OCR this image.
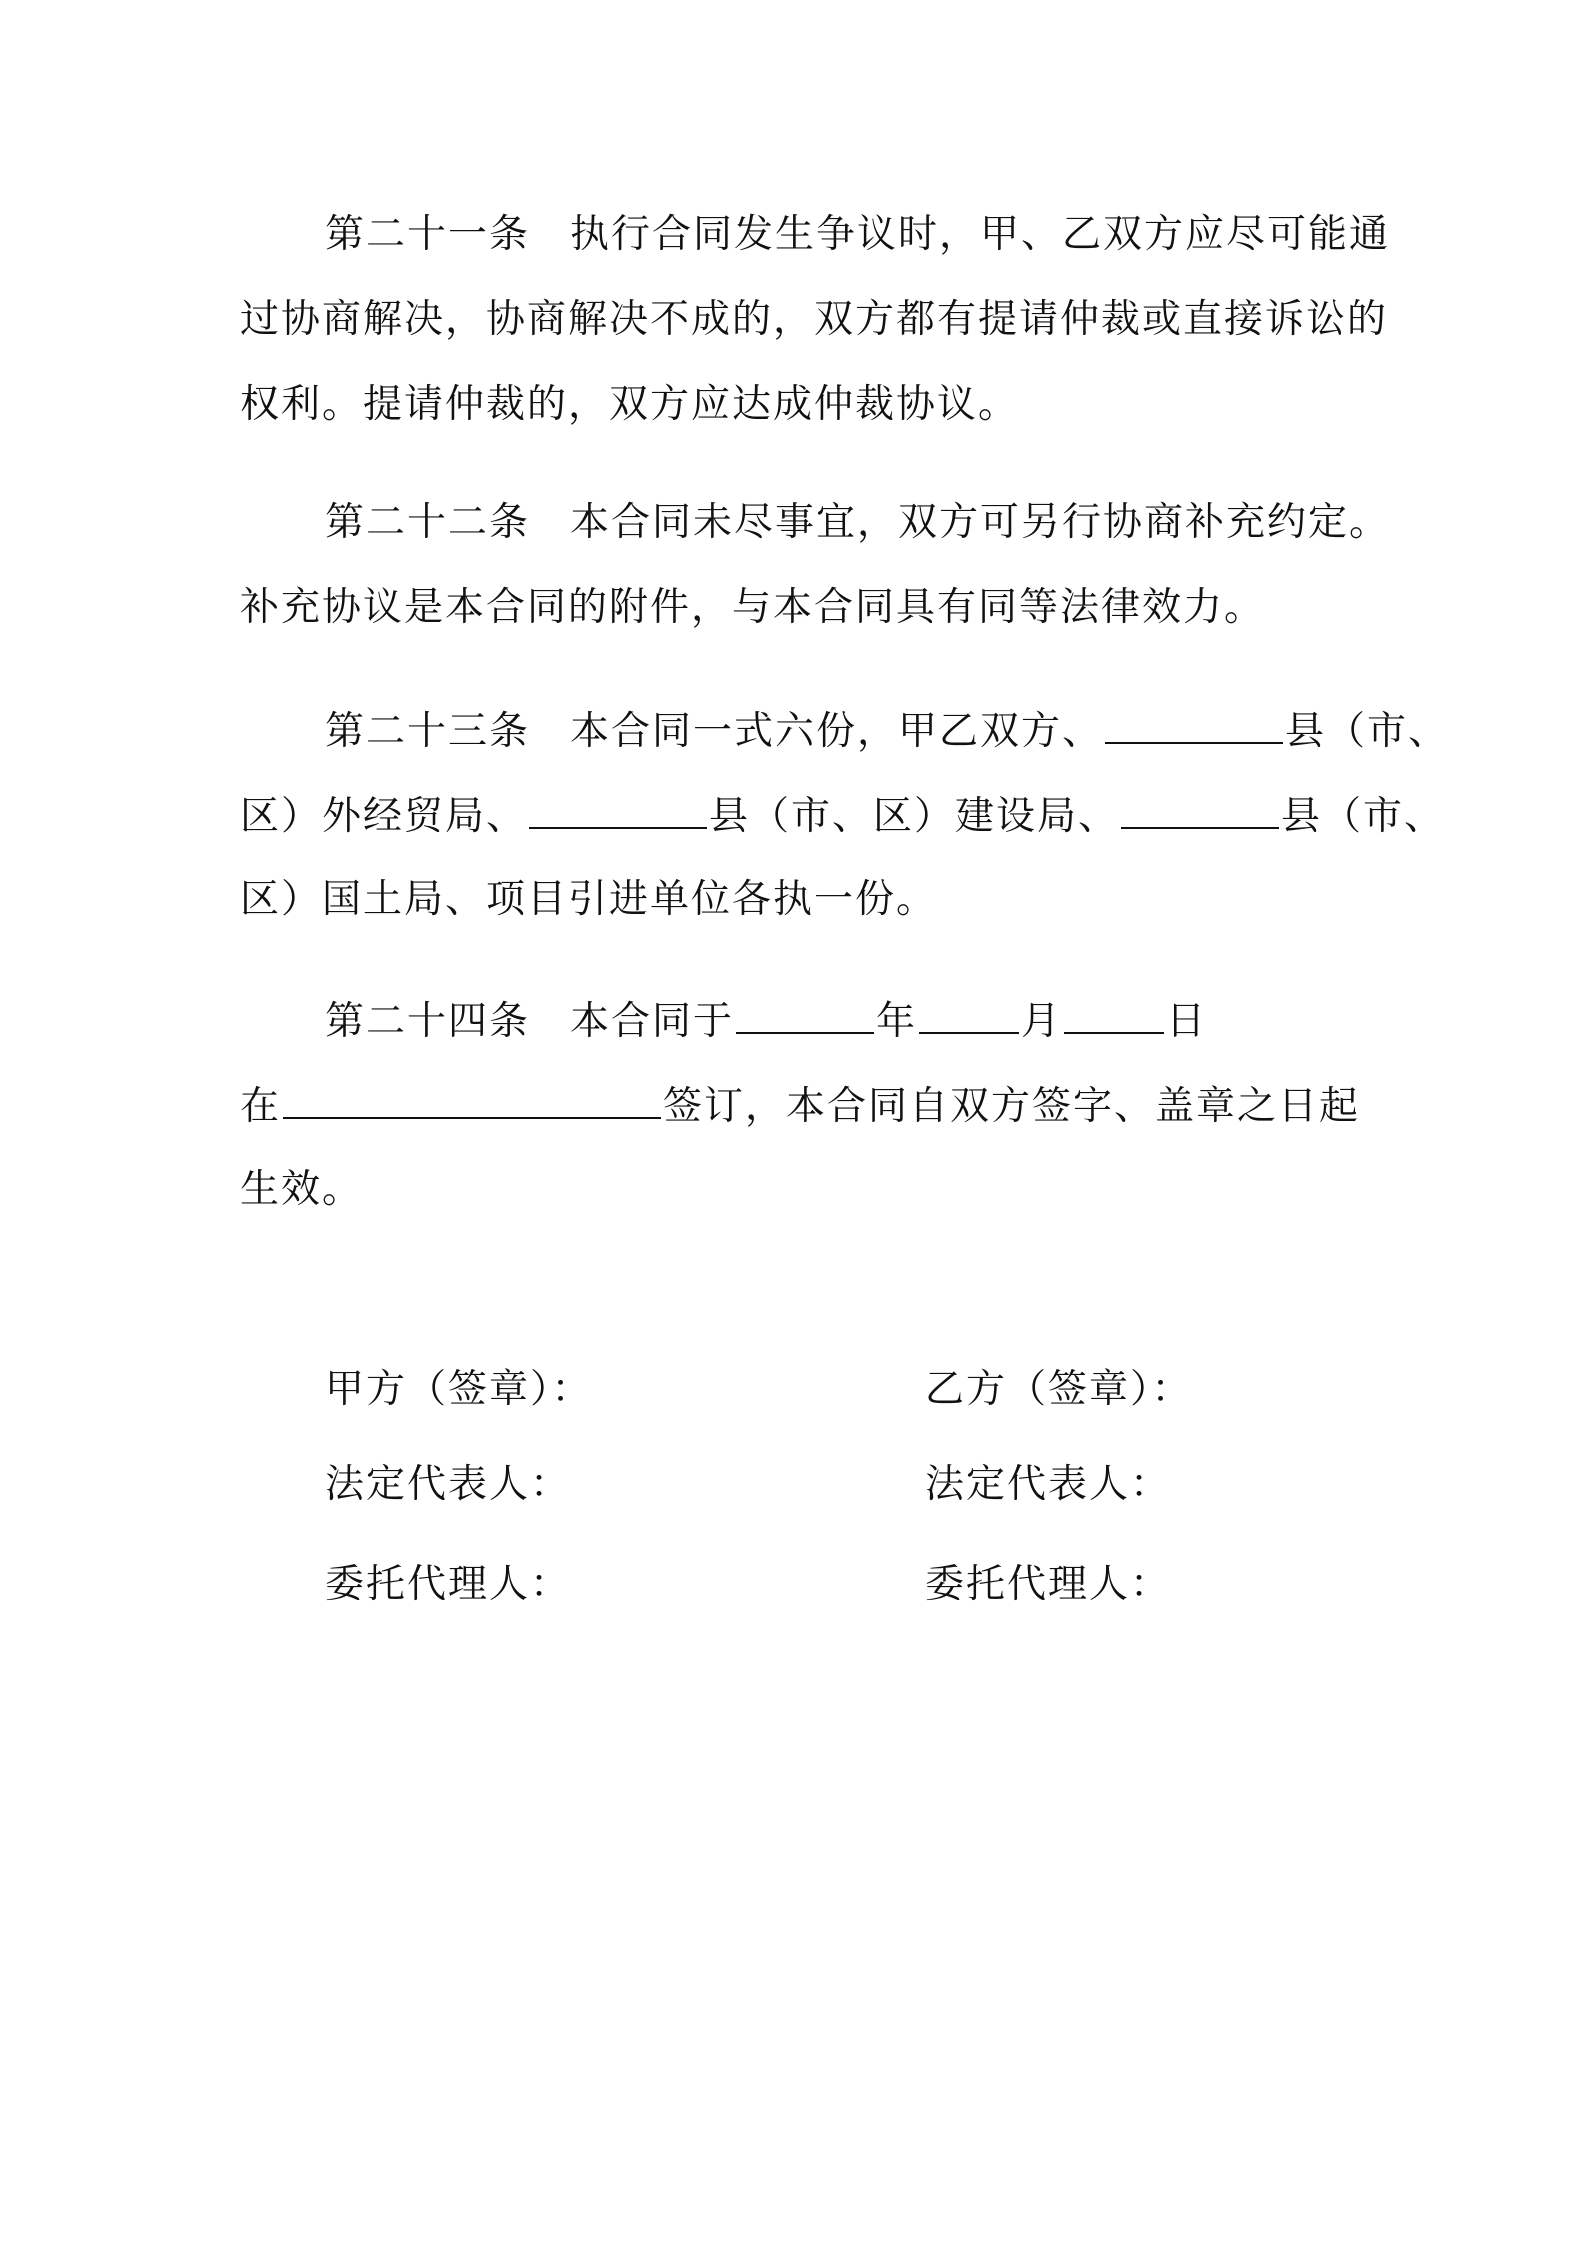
第二十一条 执行合同发生争议时，甲、乙双方应尽可能通
过协商解决，协商解决不成的，双方都有提请仲裁或直接诉讼的
权利。提请仲裁的，双方应达成仲裁协议。
第二十二条 本合同未尽事宜，双方可另行协商补充约定。
补充协议是本合同的附件，与本合同具有同等法律效力。
第二十三条 本合同一式六份，甲乙双方、	县（市、
区）外经贸局、	县（市、区）建设局、	县（市、
区）国土局、项目引进单位各执一份。
第二十四条 本合同于	年	月	日
在	签订，本合同自双方签字、盖章之日起
生效。
甲方（签章）：	乙方（签章）：
法定代表人：	法定代表人：
委托代理人：	委托代理人：
